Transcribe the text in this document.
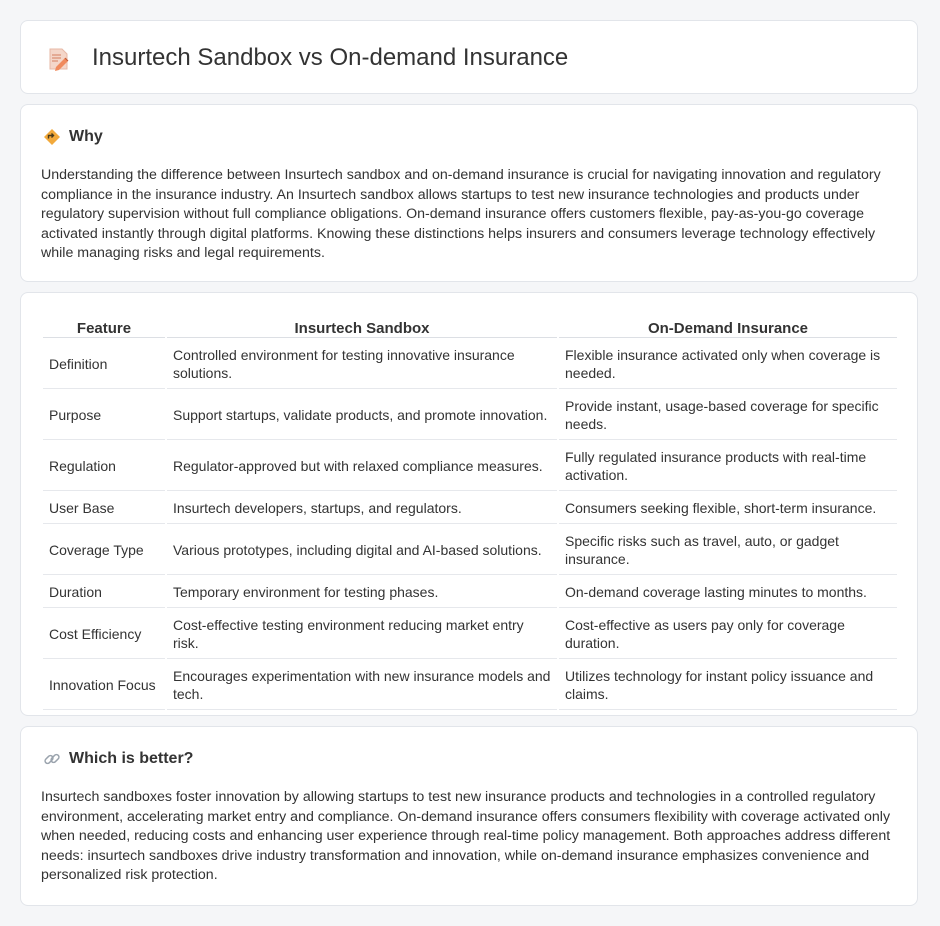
Insurtech Sandbox vs On-demand Insurance
Why
Understanding the difference between Insurtech sandbox and on-demand insurance is crucial for navigating innovation and regulatory compliance in the insurance industry. An Insurtech sandbox allows startups to test new insurance technologies and products under regulatory supervision without full compliance obligations. On-demand insurance offers customers flexible, pay-as-you-go coverage activated instantly through digital platforms. Knowing these distinctions helps insurers and consumers leverage technology effectively while managing risks and legal requirements.
Feature	Insurtech Sandbox	On-Demand Insurance
Definition	Controlled environment for testing innovative insurance solutions.	Flexible insurance activated only when coverage is needed.
Purpose	Support startups, validate products, and promote innovation.	Provide instant, usage-based coverage for specific needs.
Regulation	Regulator-approved but with relaxed compliance measures.	Fully regulated insurance products with real-time activation.
User Base	Insurtech developers, startups, and regulators.	Consumers seeking flexible, short-term insurance.
Coverage Type	Various prototypes, including digital and AI-based solutions.	Specific risks such as travel, auto, or gadget insurance.
Duration	Temporary environment for testing phases.	On-demand coverage lasting minutes to months.
Cost Efficiency	Cost-effective testing environment reducing market entry risk.	Cost-effective as users pay only for coverage duration.
Innovation Focus	Encourages experimentation with new insurance models and tech.	Utilizes technology for instant policy issuance and claims.
Which is better?
Insurtech sandboxes foster innovation by allowing startups to test new insurance products and technologies in a controlled regulatory environment, accelerating market entry and compliance. On-demand insurance offers consumers flexibility with coverage activated only when needed, reducing costs and enhancing user experience through real-time policy management. Both approaches address different needs: insurtech sandboxes drive industry transformation and innovation, while on-demand insurance emphasizes convenience and personalized risk protection.
